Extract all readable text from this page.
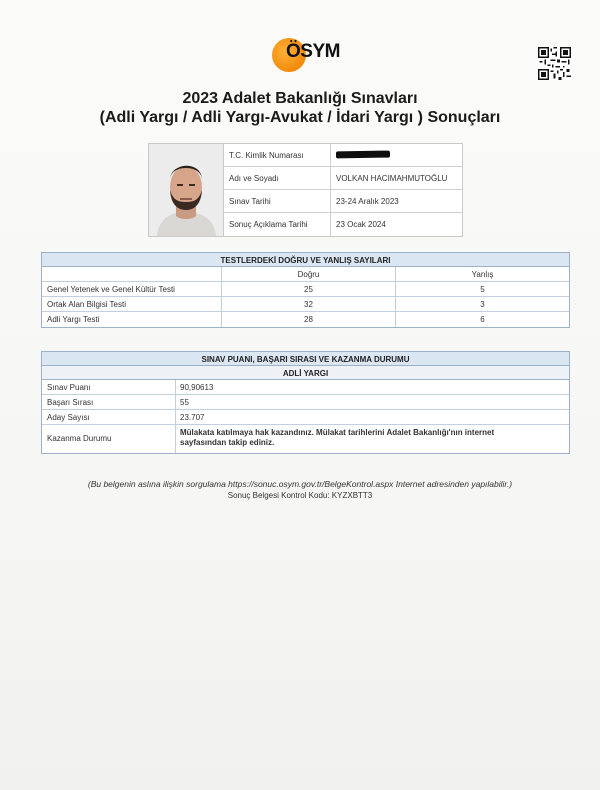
ÖSYM
2023 Adalet Bakanlığı Sınavları
(Adli Yargı / Adli Yargı-Avukat / İdari Yargı ) Sonuçları
T.C. Kimlik Numarası
Adı ve Soyadı	VOLKAN HACIMAHMUTOĞLU
Sınav Tarihi	23-24 Aralık 2023
Sonuç Açıklama Tarihi	23 Ocak 2024
TESTLERDEKİ DOĞRU VE YANLIŞ SAYILARI
Doğru	Yanlış
Genel Yetenek ve Genel Kültür Testi	25	5
Ortak Alan Bilgisi Testi	32	3
Adli Yargı Testi	28	6
SINAV PUANI, BAŞARI SIRASI VE KAZANMA DURUMU
ADLİ YARGI
Sınav Puanı	90,90613
Başarı Sırası	55
Aday Sayısı	23.707
Kazanma Durumu
Mülakata katılmaya hak kazandınız. Mülakat tarihlerini Adalet Bakanlığı'nın internet sayfasından takip ediniz.
(Bu belgenin aslına ilişkin sorgulama https://sonuc.osym.gov.tr/BelgeKontrol.aspx Internet adresinden yapılabilir.)
Sonuç Belgesi Kontrol Kodu: KYZXBTT3
